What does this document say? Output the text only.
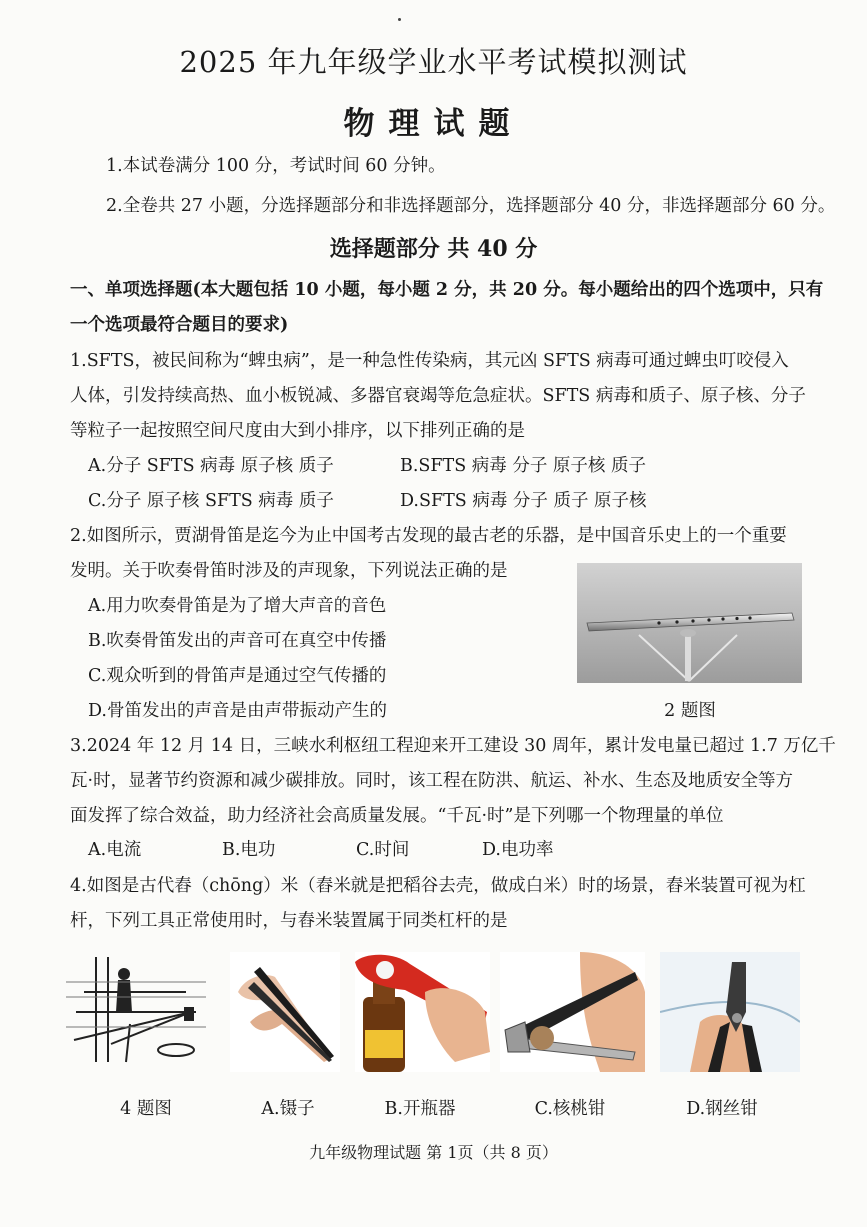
2025 年九年级学业水平考试模拟测试
物理试题
1.本试卷满分 100 分，考试时间 60 分钟。
2.全卷共 27 小题，分选择题部分和非选择题部分，选择题部分 40 分，非选择题部分 60 分。
选择题部分 共 40 分
一、单项选择题(本大题包括 10 小题，每小题 2 分，共 20 分。每小题给出的四个选项中，只有
一个选项最符合题目的要求)
1.SFTS，被民间称为“蜱虫病”，是一种急性传染病，其元凶 SFTS 病毒可通过蜱虫叮咬侵入
人体，引发持续高热、血小板锐减、多器官衰竭等危急症状。SFTS 病毒和质子、原子核、分子
等粒子一起按照空间尺度由大到小排序，以下排列正确的是
A.分子 SFTS 病毒 原子核 质子	B.SFTS 病毒 分子 原子核 质子
C.分子 原子核 SFTS 病毒 质子	D.SFTS 病毒 分子 质子 原子核
2.如图所示，贾湖骨笛是迄今为止中国考古发现的最古老的乐器，是中国音乐史上的一个重要
发明。关于吹奏骨笛时涉及的声现象，下列说法正确的是
A.用力吹奏骨笛是为了增大声音的音色
B.吹奏骨笛发出的声音可在真空中传播
C.观众听到的骨笛声是通过空气传播的
D.骨笛发出的声音是由声带振动产生的	2 题图
3.2024 年 12 月 14 日，三峡水利枢纽工程迎来开工建设 30 周年，累计发电量已超过 1.7 万亿千
瓦·时，显著节约资源和减少碳排放。同时，该工程在防洪、航运、补水、生态及地质安全等方
面发挥了综合效益，助力经济社会高质量发展。“千瓦·时”是下列哪一个物理量的单位
A.电流	B.电功	C.时间	D.电功率
4.如图是古代舂（chōng）米（舂米就是把稻谷去壳，做成白米）时的场景，舂米装置可视为杠
杆，下列工具正常使用时，与舂米装置属于同类杠杆的是
4 题图	A.镊子	B.开瓶器	C.核桃钳	D.钢丝钳
九年级物理试题 第 1页（共 8 页）
